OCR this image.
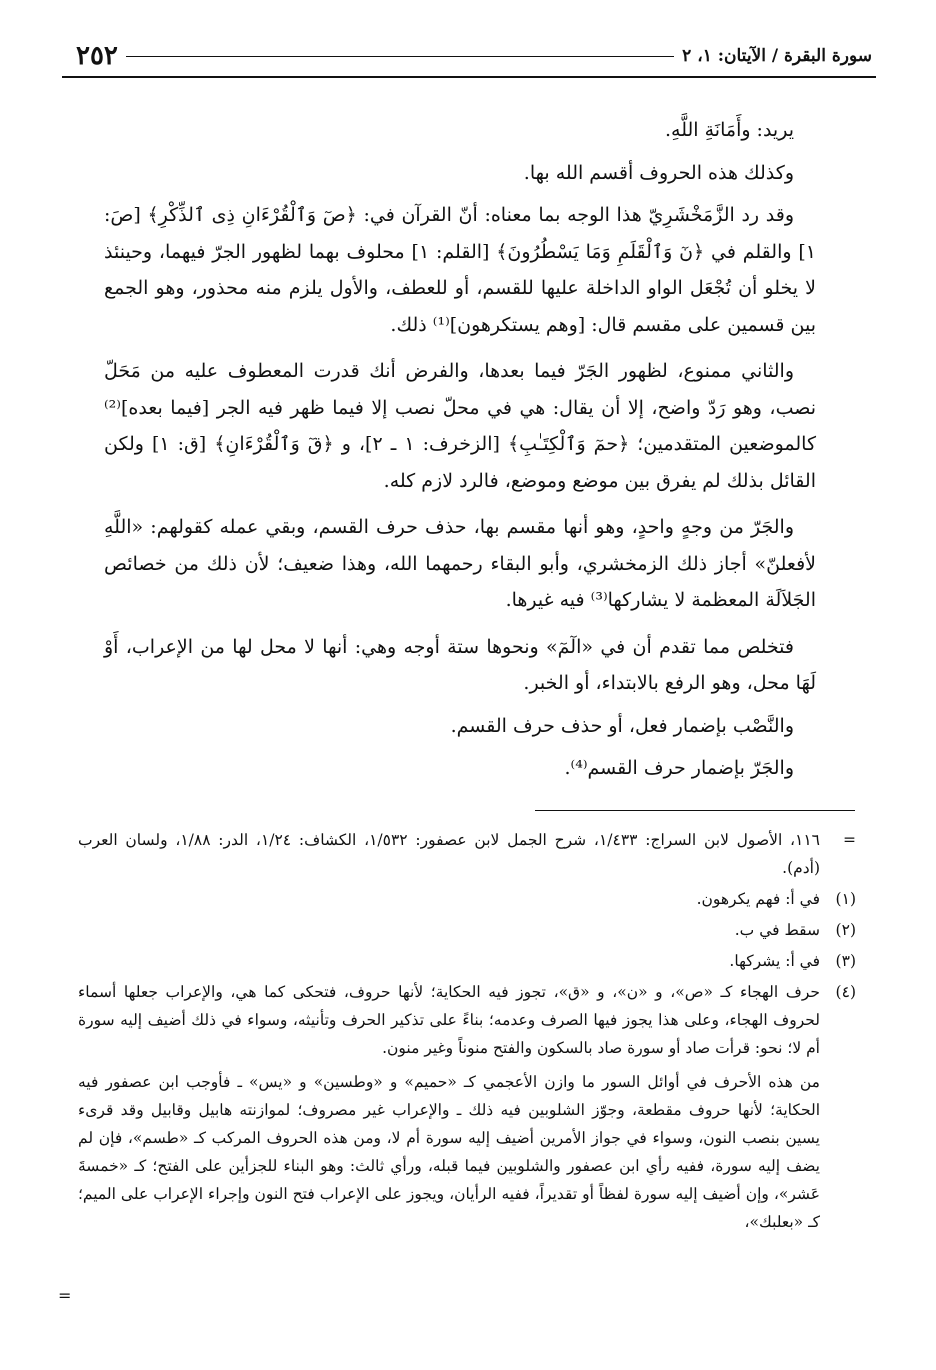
سورة البقرة / الآيتان: ١، ٢
٢٥٢

يريد: وأَمَانَةِ اللَّهِ.

وكذلك هذه الحروف أقسم الله بها.

وقد رد الزَّمَخْشَرِيّ هذا الوجه بما معناه: أنّ القرآن في: ﴿صٓ وَٱلْقُرْءَانِ ذِى ٱلذِّكْرِ﴾ [صَ: ١] والقلم في ﴿نٓ وَٱلْقَلَمِ وَمَا يَسْطُرُونَ﴾ [القلم: ١] محلوف بهما لظهور الجرّ فيهما، وحينئذ لا يخلو أن تُجْعَل الواو الداخلة عليها للقسم، أو للعطف، والأول يلزم منه محذور، وهو الجمع بين قسمين على مقسم قال: [وهم يستكرهون]⁽¹⁾ ذلك.

والثاني ممنوع، لظهور الجَرّ فيما بعدها، والفرض أنك قدرت المعطوف عليه من مَحَلّ نصب، وهو رَدّ واضح، إلا أن يقال: هي في محلّ نصب إلا فيما ظهر فيه الجر [فيما بعده]⁽²⁾ كالموضعين المتقدمين؛ ﴿حمٓ وَٱلْكِتَـٰبِ﴾ [الزخرف: ١ ـ ٢]، و ﴿قٓ وَٱلْقُرْءَانِ﴾ [ق: ١] ولكن القائل بذلك لم يفرق بين موضع وموضع، فالرد لازم كله.

والجَرّ من وجهٍ واحدٍ، وهو أنها مقسم بها، حذف حرف القسم، وبقي عمله كقولهم: «اللَّهِ لأفعلنّ» أجاز ذلك الزمخشري، وأبو البقاء رحمهما الله، وهذا ضعيف؛ لأن ذلك من خصائص الجَلاَلَة المعظمة لا يشاركها⁽³⁾ فيه غيرها.

فتخلص مما تقدم أن في «الٓمٓ» ونحوها ستة أوجه وهي: أنها لا محل لها من الإعراب، أَوْ لَهَا محل، وهو الرفع بالابتداء، أو الخبر.

والنَّصْب بإضمار فعل، أو حذف حرف القسم.

والجَرّ بإضمار حرف القسم⁽⁴⁾.

=
١١٦، الأصول لابن السراج: ١/٤٣٣، شرح الجمل لابن عصفور: ١/٥٣٢، الكشاف: ١/٢٤، الدر: ١/٨٨، ولسان العرب (أدم).
(١)
في أ: فهم يكرهون.
(٢)
سقط في ب.
(٣)
في أ: يشركها.
(٤)
حرف الهجاء كـ «ص»، و «ن»، و «ق»، تجوز فيه الحكاية؛ لأنها حروف، فتحكى كما هي، والإعراب جعلها أسماء لحروف الهجاء، وعلى هذا يجوز فيها الصرف وعدمه؛ بناءً على تذكير الحرف وتأنيثه، وسواء في ذلك أضيف إليه سورة أم لا؛ نحو: قرأت صاد أو سورة صاد بالسكون والفتح منوناً وغير منون.
من هذه الأحرف في أوائل السور ما وازن الأعجمي كـ «حميم» و «وطسين» و «يس» ـ فأوجب ابن عصفور فيه الحكاية؛ لأنها حروف مقطعة، وجوّز الشلوبين فيه ذلك ـ والإعراب غير مصروف؛ لموازنته هابيل وقابيل وقد قرىء يسين بنصب النون، وسواء في جواز الأمرين أضيف إليه سورة أم لا، ومن هذه الحروف المركب كـ «طسم»، فإن لم يضف إليه سورة، ففيه رأي ابن عصفور والشلوبين فيما قبله، ورأي ثالث: وهو البناء للجزأين على الفتح؛ كـ «خمسةَ عَشر»، وإن أضيف إليه سورة لفظاً أو تقديراً، ففيه الرأيان، ويجوز على الإعراب فتح النون وإجراء الإعراب على الميم؛ كـ «بعلبك»،
=
